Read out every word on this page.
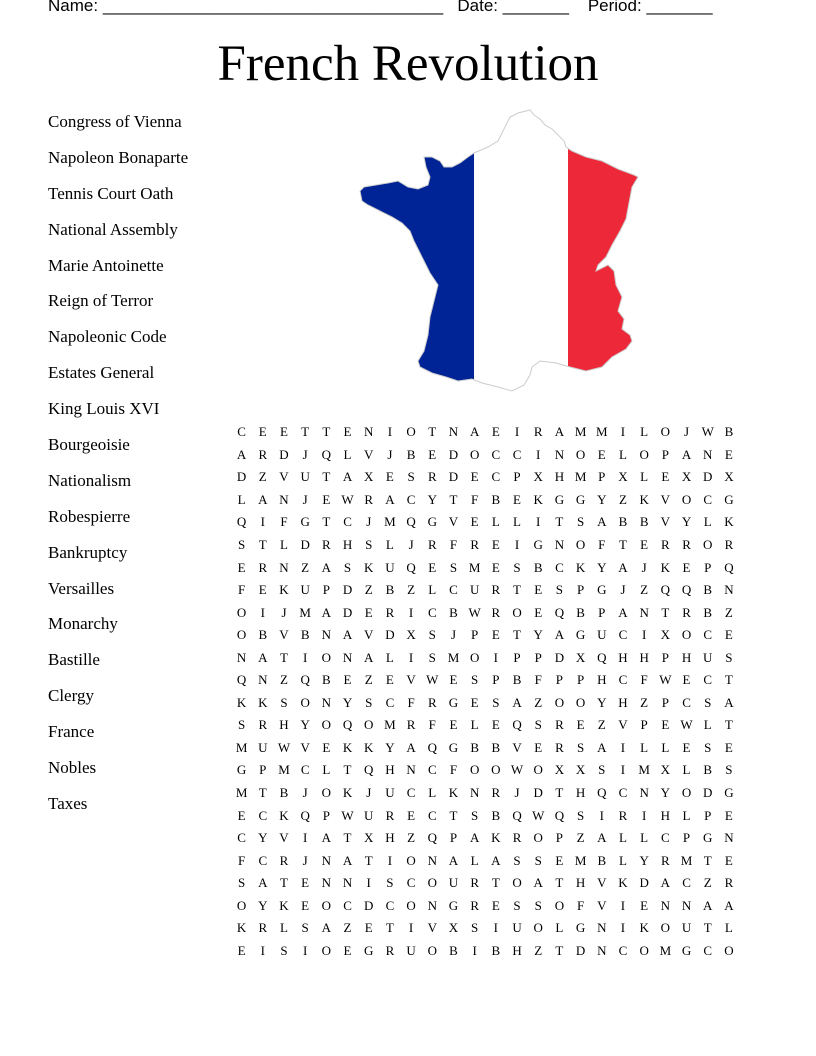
Name: ____________________________________ Date: _______ Period: _______
French Revolution
Congress of Vienna
Napoleon Bonaparte
Tennis Court Oath
National Assembly
Marie Antoinette
Reign of Terror
Napoleonic Code
Estates General
King Louis XVI
Bourgeoisie
Nationalism
Robespierre
Bankruptcy
Versailles
Monarchy
Bastille
Clergy
France
Nobles
Taxes
C	E	E	T	T	E	N	I	O	T	N	A	E	I	R	A	M	M	I	L	O	J	W	B
A	R	D	J	Q	L	V	J	B	E	D	O	C	C	I	N	O	E	L	O	P	A	N	E
D	Z	V	U	T	A	X	E	S	R	D	E	C	P	X	H	M	P	X	L	E	X	D	X
L	A	N	J	E	W	R	A	C	Y	T	F	B	E	K	G	G	Y	Z	K	V	O	C	G
Q	I	F	G	T	C	J	M	Q	G	V	E	L	L	I	T	S	A	B	B	V	Y	L	K
S	T	L	D	R	H	S	L	J	R	F	R	E	I	G	N	O	F	T	E	R	R	O	R
E	R	N	Z	A	S	K	U	Q	E	S	M	E	S	B	C	K	Y	A	J	K	E	P	Q
F	E	K	U	P	D	Z	B	Z	L	C	U	R	T	E	S	P	G	J	Z	Q	Q	B	N
O	I	J	M	A	D	E	R	I	C	B	W	R	O	E	Q	B	P	A	N	T	R	B	Z
O	B	V	B	N	A	V	D	X	S	J	P	E	T	Y	A	G	U	C	I	X	O	C	E
N	A	T	I	O	N	A	L	I	S	M	O	I	P	P	D	X	Q	H	H	P	H	U	S
Q	N	Z	Q	B	E	Z	E	V	W	E	S	P	B	F	P	P	H	C	F	W	E	C	T
K	K	S	O	N	Y	S	C	F	R	G	E	S	A	Z	O	O	Y	H	Z	P	C	S	A
S	R	H	Y	O	Q	O	M	R	F	E	L	E	Q	S	R	E	Z	V	P	E	W	L	T
M	U	W	V	E	K	K	Y	A	Q	G	B	B	V	E	R	S	A	I	L	L	E	S	E
G	P	M	C	L	T	Q	H	N	C	F	O	O	W	O	X	X	S	I	M	X	L	B	S
M	T	B	J	O	K	J	U	C	L	K	N	R	J	D	T	H	Q	C	N	Y	O	D	G
E	C	K	Q	P	W	U	R	E	C	T	S	B	Q	W	Q	S	I	R	I	H	L	P	E
C	Y	V	I	A	T	X	H	Z	Q	P	A	K	R	O	P	Z	A	L	L	C	P	G	N
F	C	R	J	N	A	T	I	O	N	A	L	A	S	S	E	M	B	L	Y	R	M	T	E
S	A	T	E	N	N	I	S	C	O	U	R	T	O	A	T	H	V	K	D	A	C	Z	R
O	Y	K	E	O	C	D	C	O	N	G	R	E	S	S	O	F	V	I	E	N	N	A	A
K	R	L	S	A	Z	E	T	I	V	X	S	I	U	O	L	G	N	I	K	O	U	T	L
E	I	S	I	O	E	G	R	U	O	B	I	B	H	Z	T	D	N	C	O	M	G	C	O
